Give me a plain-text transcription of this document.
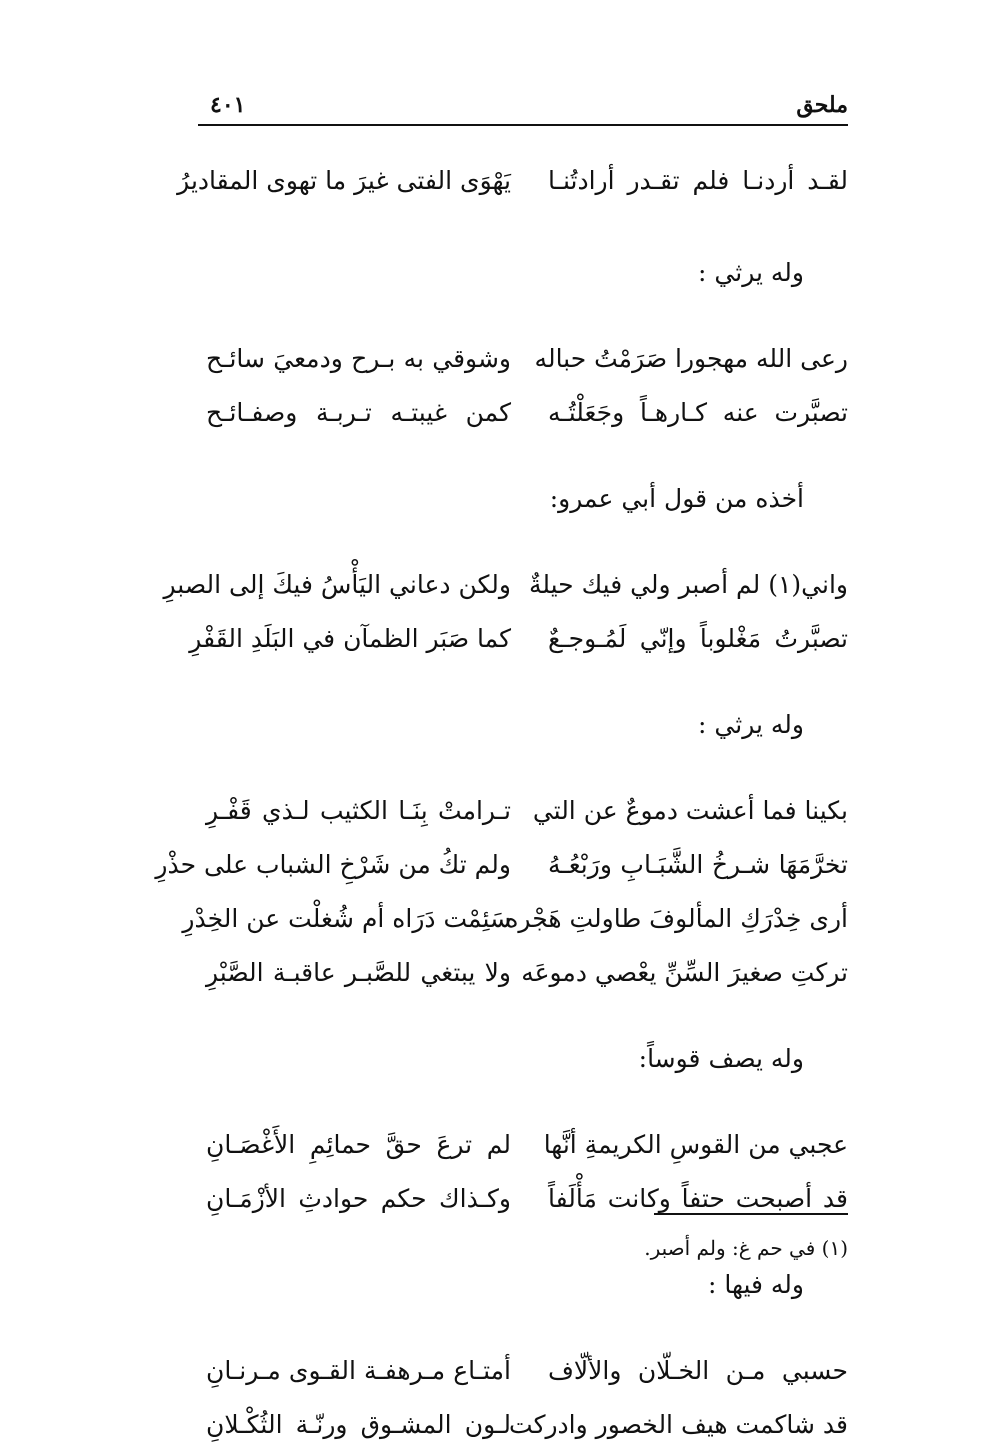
ملحق
٤٠١
لقـد أردنـا فلم تقـدر أرادتُنـا
يَهْوَى الفتى غيرَ ما تهوى المقاديرُ
وله يرثي :
رعى الله مهجورا صَرَمْتُ حباله
وشوقي به بـرح ودمعيَ سائـح
تصبَّرت عنه كـارهـاً وجَعَلْتُـه
كمن غيبتـه تـربـة وصفـائـح
أخذه من قول أبي عمرو:
واني(١) لم أصبر ولي فيك حيلةٌ
ولكن دعاني اليَأْسُ فيكَ إلى الصبرِ
تصبَّرتُ مَغْلوباً وإنّي لَمُـوجـعٌ
كما صَبَر الظمآن في البَلَدِ القَفْرِ
وله يرثي :
بكينا فما أعشت دموعٌ عن التي
تـرامتْ بِنَـا الكثيب لـذي قَفْـرِ
تخرَّمَهَا شـرخُ الشَّبَـابِ ورَبْعُـهُ
ولم تكُ من شَرْخِ الشباب على حذْرِ
أرى خِدْرَكِ المألوفَ طاولتِ هَجْره
سَئِمْت دَرَاه أم شُغلْت عن الخِدْرِ
تركتِ صغيرَ السِّنِّ يعْصي دموعَه
ولا يبتغي للصَّبـر عاقبـة الصَّبْرِ
وله يصف قوساً:
عجبي من القوسِ الكريمةِ أنَّها
لم ترعَ حقَّ حمائِمِ الأَغْصَـانِ
قد أصبحت حتفاً وكانت مَأْلَفاً
وكـذاك حكم حوادثِ الأزْمَـانِ
وله فيها :
حسبي مـن الخـلّان والألّاف
أمتـاع مـرهفـة القـوى مـرنـانِ
قد شاكمت هيف الخصور وادركت
لـون المشـوق ورنّـة الثُكْـلانِ
(١) في حم غ: ولم أصبر.
